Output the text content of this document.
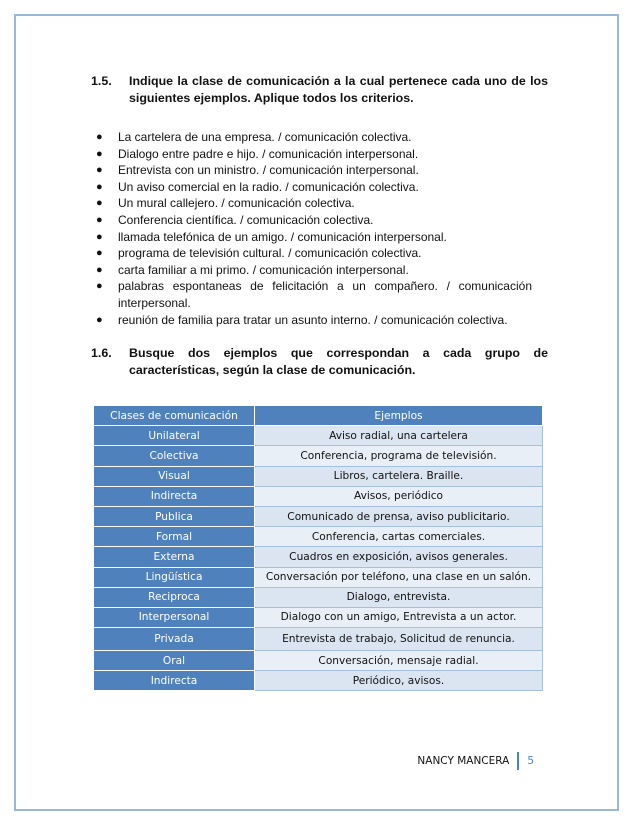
1.5. Indique la clase de comunicación a la cual pertenece cada uno de los siguientes ejemplos. Aplique todos los criterios.
● La cartelera de una empresa. / comunicación colectiva.
● Dialogo entre padre e hijo. / comunicación interpersonal.
● Entrevista con un ministro. / comunicación interpersonal.
● Un aviso comercial en la radio. / comunicación colectiva.
● Un mural callejero. / comunicación colectiva.
● Conferencia científica. / comunicación colectiva.
● llamada telefónica de un amigo. / comunicación interpersonal.
● programa de televisión cultural. / comunicación colectiva.
● carta familiar a mi primo. / comunicación interpersonal.
● palabras espontaneas de felicitación a un compañero. / comunicación interpersonal.
● reunión de familia para tratar un asunto interno. / comunicación colectiva.
1.6. Busque dos ejemplos que correspondan a cada grupo de características, según la clase de comunicación.
Clases de comunicación	Ejemplos
Unilateral	Aviso radial, una cartelera
Colectiva	Conferencia, programa de televisión.
Visual	Libros, cartelera. Braille.
Indirecta	Avisos, periódico
Publica	Comunicado de prensa, aviso publicitario.
Formal	Conferencia, cartas comerciales.
Externa	Cuadros en exposición, avisos generales.
Lingüística	Conversación por teléfono, una clase en un salón.
Reciproca	Dialogo, entrevista.
Interpersonal	Dialogo con un amigo, Entrevista a un actor.
Privada	Entrevista de trabajo, Solicitud de renuncia.
Oral	Conversación, mensaje radial.
Indirecta	Periódico, avisos.
NANCY MANCERA 5
